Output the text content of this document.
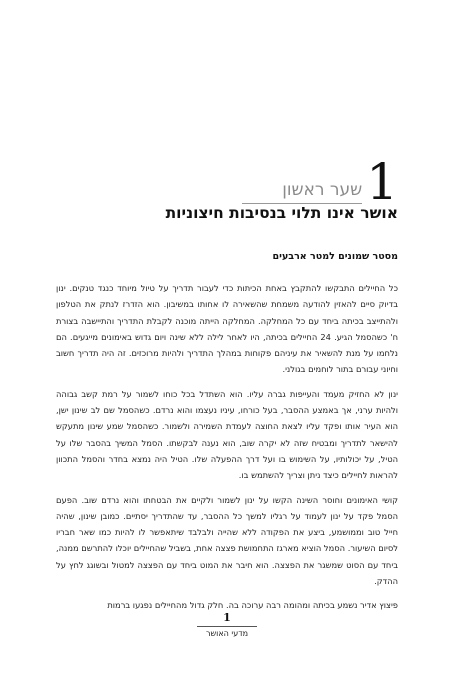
1
שער ראשון
אושר אינו תלוי בנסיבות חיצוניות
מסטר שמונים למטר ארבעים

כל החיילים התבקשו להתקבץ באחת הכיתות כדי לעבור תדריך על טיול מיוחד כנגד טנקים. ינון בדיוק סיים להאזין להודעה משמחת שהשאירה לו אחותו במשיבון. הוא הזדרז לנתק את הטלפון ולהתייצב בכיתה ביחד עם כל המחלקה. המחלקה הייתה מוכנה לקבלת התדריך והתיישבה בצורת ח' כשהסמל הגיע. 24 החיילים בכיתה, היו לאחר לילה ללא שינה ויום גדוש באימונים מייגעים. הם נלחמו על מנת להשאיר את עיניהם פקוחות במהלך התדריך ולהיות מרוכזים. זה היה תדריך חשוב וחיוני עבורם בתור לוחמים בגולני.

ינון לא החזיק מעמד והעייפות גברה עליו. הוא השתדל בכל כוחו לשמור על רמת קשב גבוהה ולהיות ערני, אך באמצע ההסבר, בעל כורחו, עיניו נעצמו והוא נרדם. כשהסמל שם לב שינון ישן, הוא העיר אותו ופקד עליו לצאת החוצה לעמדת השמירה ולשמור. כשהסמל שמע שינון מתעקש להישאר לתדריך ומבטיח שזה לא יקרה שוב, הוא נענה לבקשתו. הסמל המשיך בהסבר שלו על הטיל, על יכולותיו, על השימוש בו ועל דרך ההפעלה שלו. הטיל היה נמצא בחדר והסמל התכוון להראות לחיילים כיצד ניתן וצריך להשתמש בו.

קושי האימונים וחוסר השינה הקשו על ינון לשמור ולקיים את הבטחתו והוא נרדם שוב. הפעם הסמל פקד על ינון לעמוד על רגליו למשך כל ההסבר, עד שהתדריך יסתיים. כמובן שינון, שהיה חייל טוב וממושמע, ביצע את הפקודה ללא שהייה ולבלבד שיתאפשר לו להיות כמו שאר חבריו לסיום השיעור. הסמל הוציא מארגז התחמושת פצצה אחת, בשביל שהחיילים יוכלו להתרשם ממנה, ביחד עם הסוט שמשגר את הפצצה. הוא חיבר את המוט ביחד עם הפצצה למטול ובשוגג לחץ על ההדק.

פיצוץ אדיר נשמע בכיתה ומהומה רבה ערוכה בה. חלק גדול מהחיילים נפגעו ברמות

1
מדעי האושר
